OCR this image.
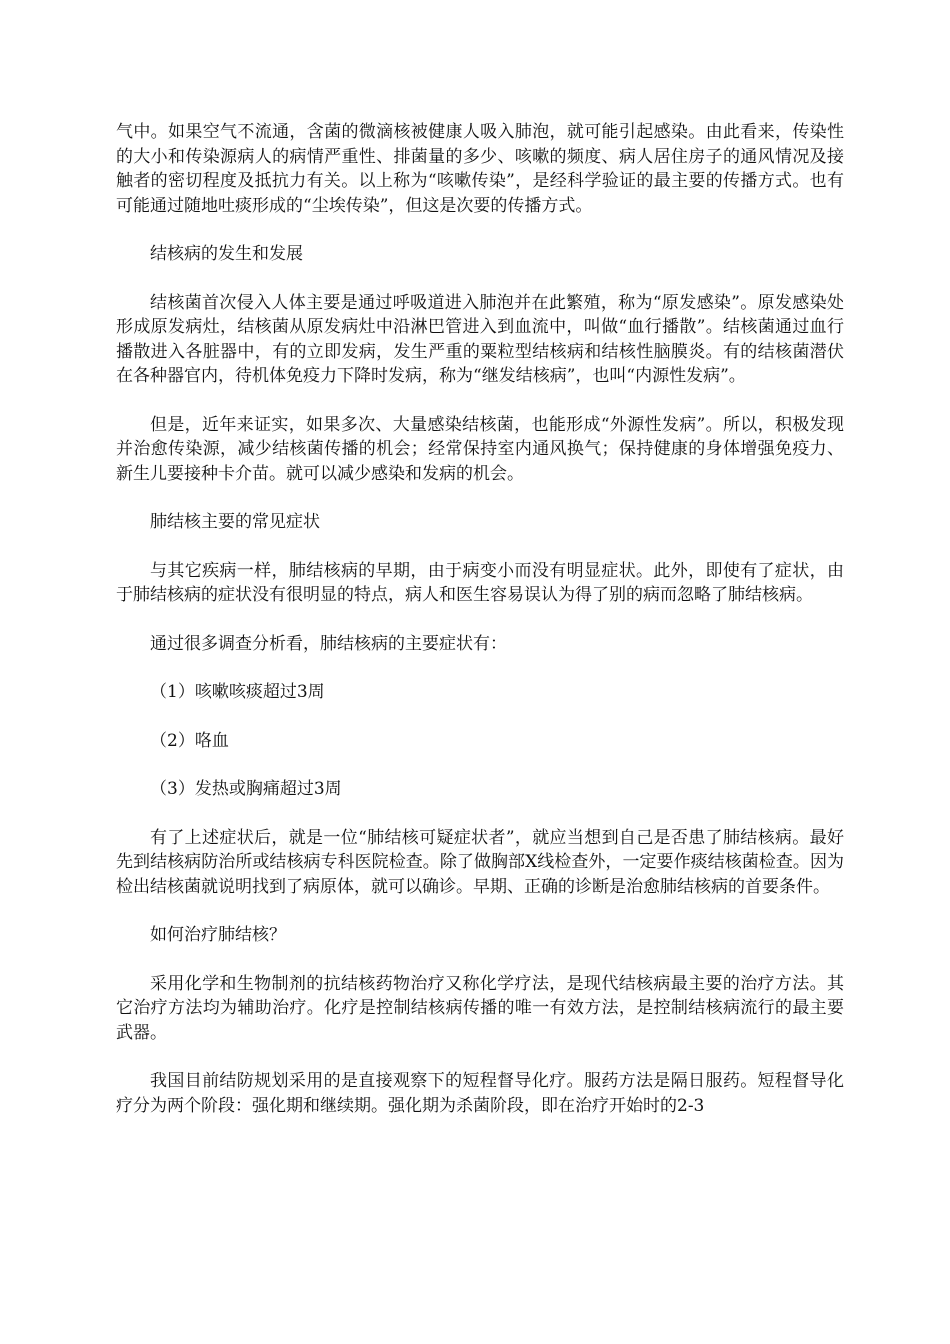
气中。如果空气不流通，含菌的微滴核被健康人吸入肺泡，就可能引起感染。由此看来，传染性的大小和传染源病人的病情严重性、排菌量的多少、咳嗽的频度、病人居住房子的通风情况及接触者的密切程度及抵抗力有关。以上称为“咳嗽传染”，是经科学验证的最主要的传播方式。也有可能通过随地吐痰形成的“尘埃传染”，但这是次要的传播方式。

结核病的发生和发展

结核菌首次侵入人体主要是通过呼吸道进入肺泡并在此繁殖，称为“原发感染”。原发感染处形成原发病灶，结核菌从原发病灶中沿淋巴管进入到血流中，叫做“血行播散”。结核菌通过血行播散进入各脏器中，有的立即发病，发生严重的粟粒型结核病和结核性脑膜炎。有的结核菌潜伏在各种器官内，待机体免疫力下降时发病，称为“继发结核病”，也叫“内源性发病”。

但是，近年来证实，如果多次、大量感染结核菌，也能形成“外源性发病”。所以，积极发现并治愈传染源，减少结核菌传播的机会；经常保持室内通风换气；保持健康的身体增强免疫力、新生儿要接种卡介苗。就可以减少感染和发病的机会。

肺结核主要的常见症状

与其它疾病一样，肺结核病的早期，由于病变小而没有明显症状。此外，即使有了症状，由于肺结核病的症状没有很明显的特点，病人和医生容易误认为得了别的病而忽略了肺结核病。

通过很多调查分析看，肺结核病的主要症状有：

（1）咳嗽咳痰超过3周

（2）咯血

（3）发热或胸痛超过3周

有了上述症状后，就是一位“肺结核可疑症状者”，就应当想到自己是否患了肺结核病。最好先到结核病防治所或结核病专科医院检查。除了做胸部X线检查外，一定要作痰结核菌检查。因为检出结核菌就说明找到了病原体，就可以确诊。早期、正确的诊断是治愈肺结核病的首要条件。

如何治疗肺结核？

采用化学和生物制剂的抗结核药物治疗又称化学疗法，是现代结核病最主要的治疗方法。其它治疗方法均为辅助治疗。化疗是控制结核病传播的唯一有效方法，是控制结核病流行的最主要武器。

我国目前结防规划采用的是直接观察下的短程督导化疗。服药方法是隔日服药。短程督导化疗分为两个阶段：强化期和继续期。强化期为杀菌阶段，即在治疗开始时的2-3
